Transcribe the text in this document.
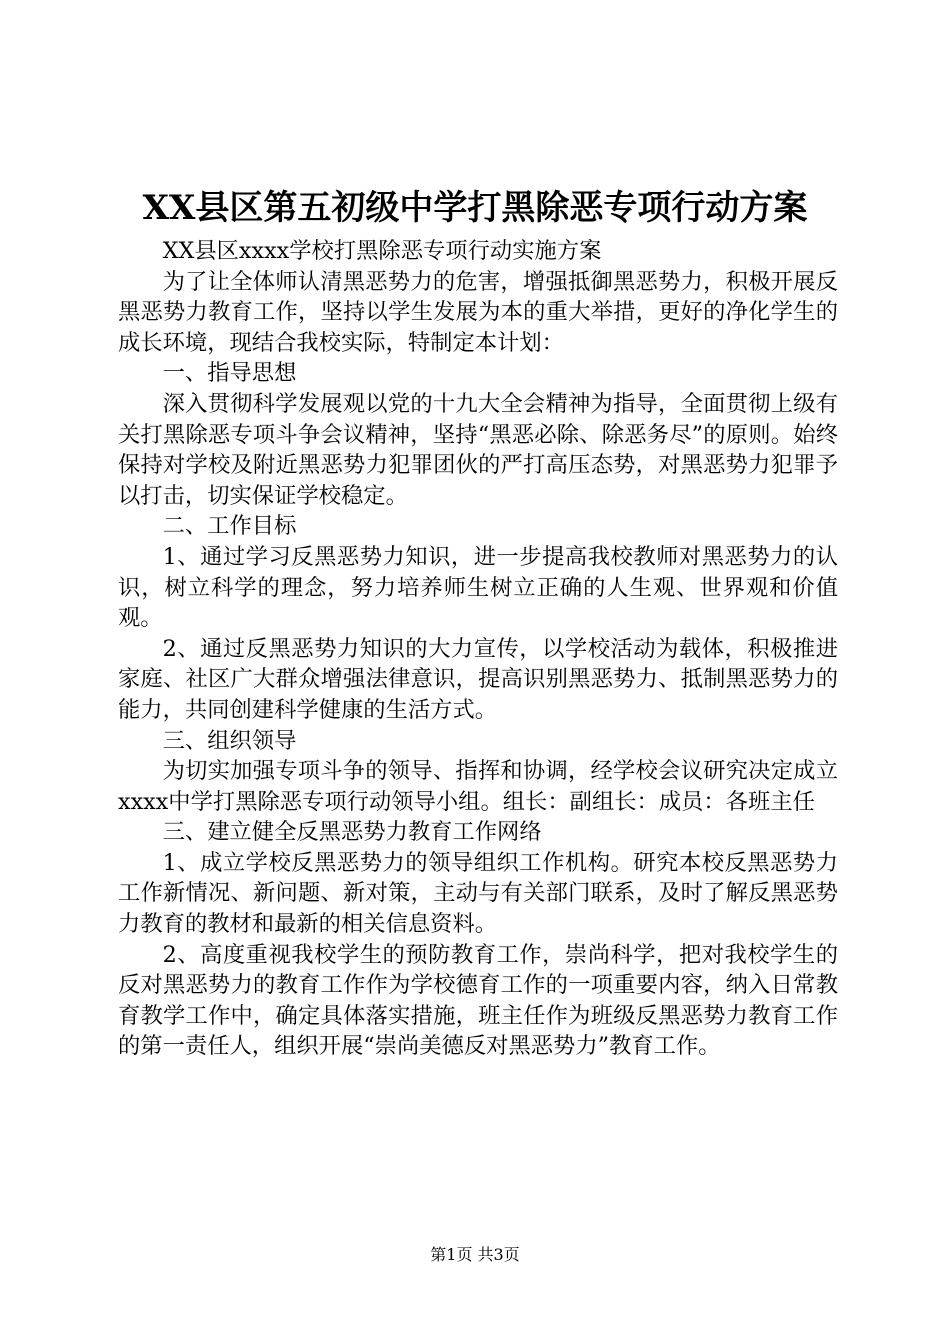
XX县区第五初级中学打黑除恶专项行动方案

XX县区xxxx学校打黑除恶专项行动实施方案

为了让全体师认清黑恶势力的危害，增强抵御黑恶势力，积极开展反黑恶势力教育工作，坚持以学生发展为本的重大举措，更好的净化学生的成长环境，现结合我校实际，特制定本计划：

一、指导思想

深入贯彻科学发展观以党的十九大全会精神为指导，全面贯彻上级有关打黑除恶专项斗争会议精神，坚持“黑恶必除、除恶务尽”的原则。始终保持对学校及附近黑恶势力犯罪团伙的严打高压态势，对黑恶势力犯罪予以打击，切实保证学校稳定。

二、工作目标

1、通过学习反黑恶势力知识，进一步提高我校教师对黑恶势力的认识，树立科学的理念，努力培养师生树立正确的人生观、世界观和价值观。

2、通过反黑恶势力知识的大力宣传，以学校活动为载体，积极推进家庭、社区广大群众增强法律意识，提高识别黑恶势力、抵制黑恶势力的能力，共同创建科学健康的生活方式。

三、组织领导

为切实加强专项斗争的领导、指挥和协调，经学校会议研究决定成立xxxx中学打黑除恶专项行动领导小组。组长：副组长：成员：各班主任

三、建立健全反黑恶势力教育工作网络

1、成立学校反黑恶势力的领导组织工作机构。研究本校反黑恶势力工作新情况、新问题、新对策，主动与有关部门联系，及时了解反黑恶势力教育的教材和最新的相关信息资料。

2、高度重视我校学生的预防教育工作，崇尚科学，把对我校学生的反对黑恶势力的教育工作作为学校德育工作的一项重要内容，纳入日常教育教学工作中，确定具体落实措施，班主任作为班级反黑恶势力教育工作的第一责任人，组织开展“崇尚美德反对黑恶势力”教育工作。

第1页 共3页
